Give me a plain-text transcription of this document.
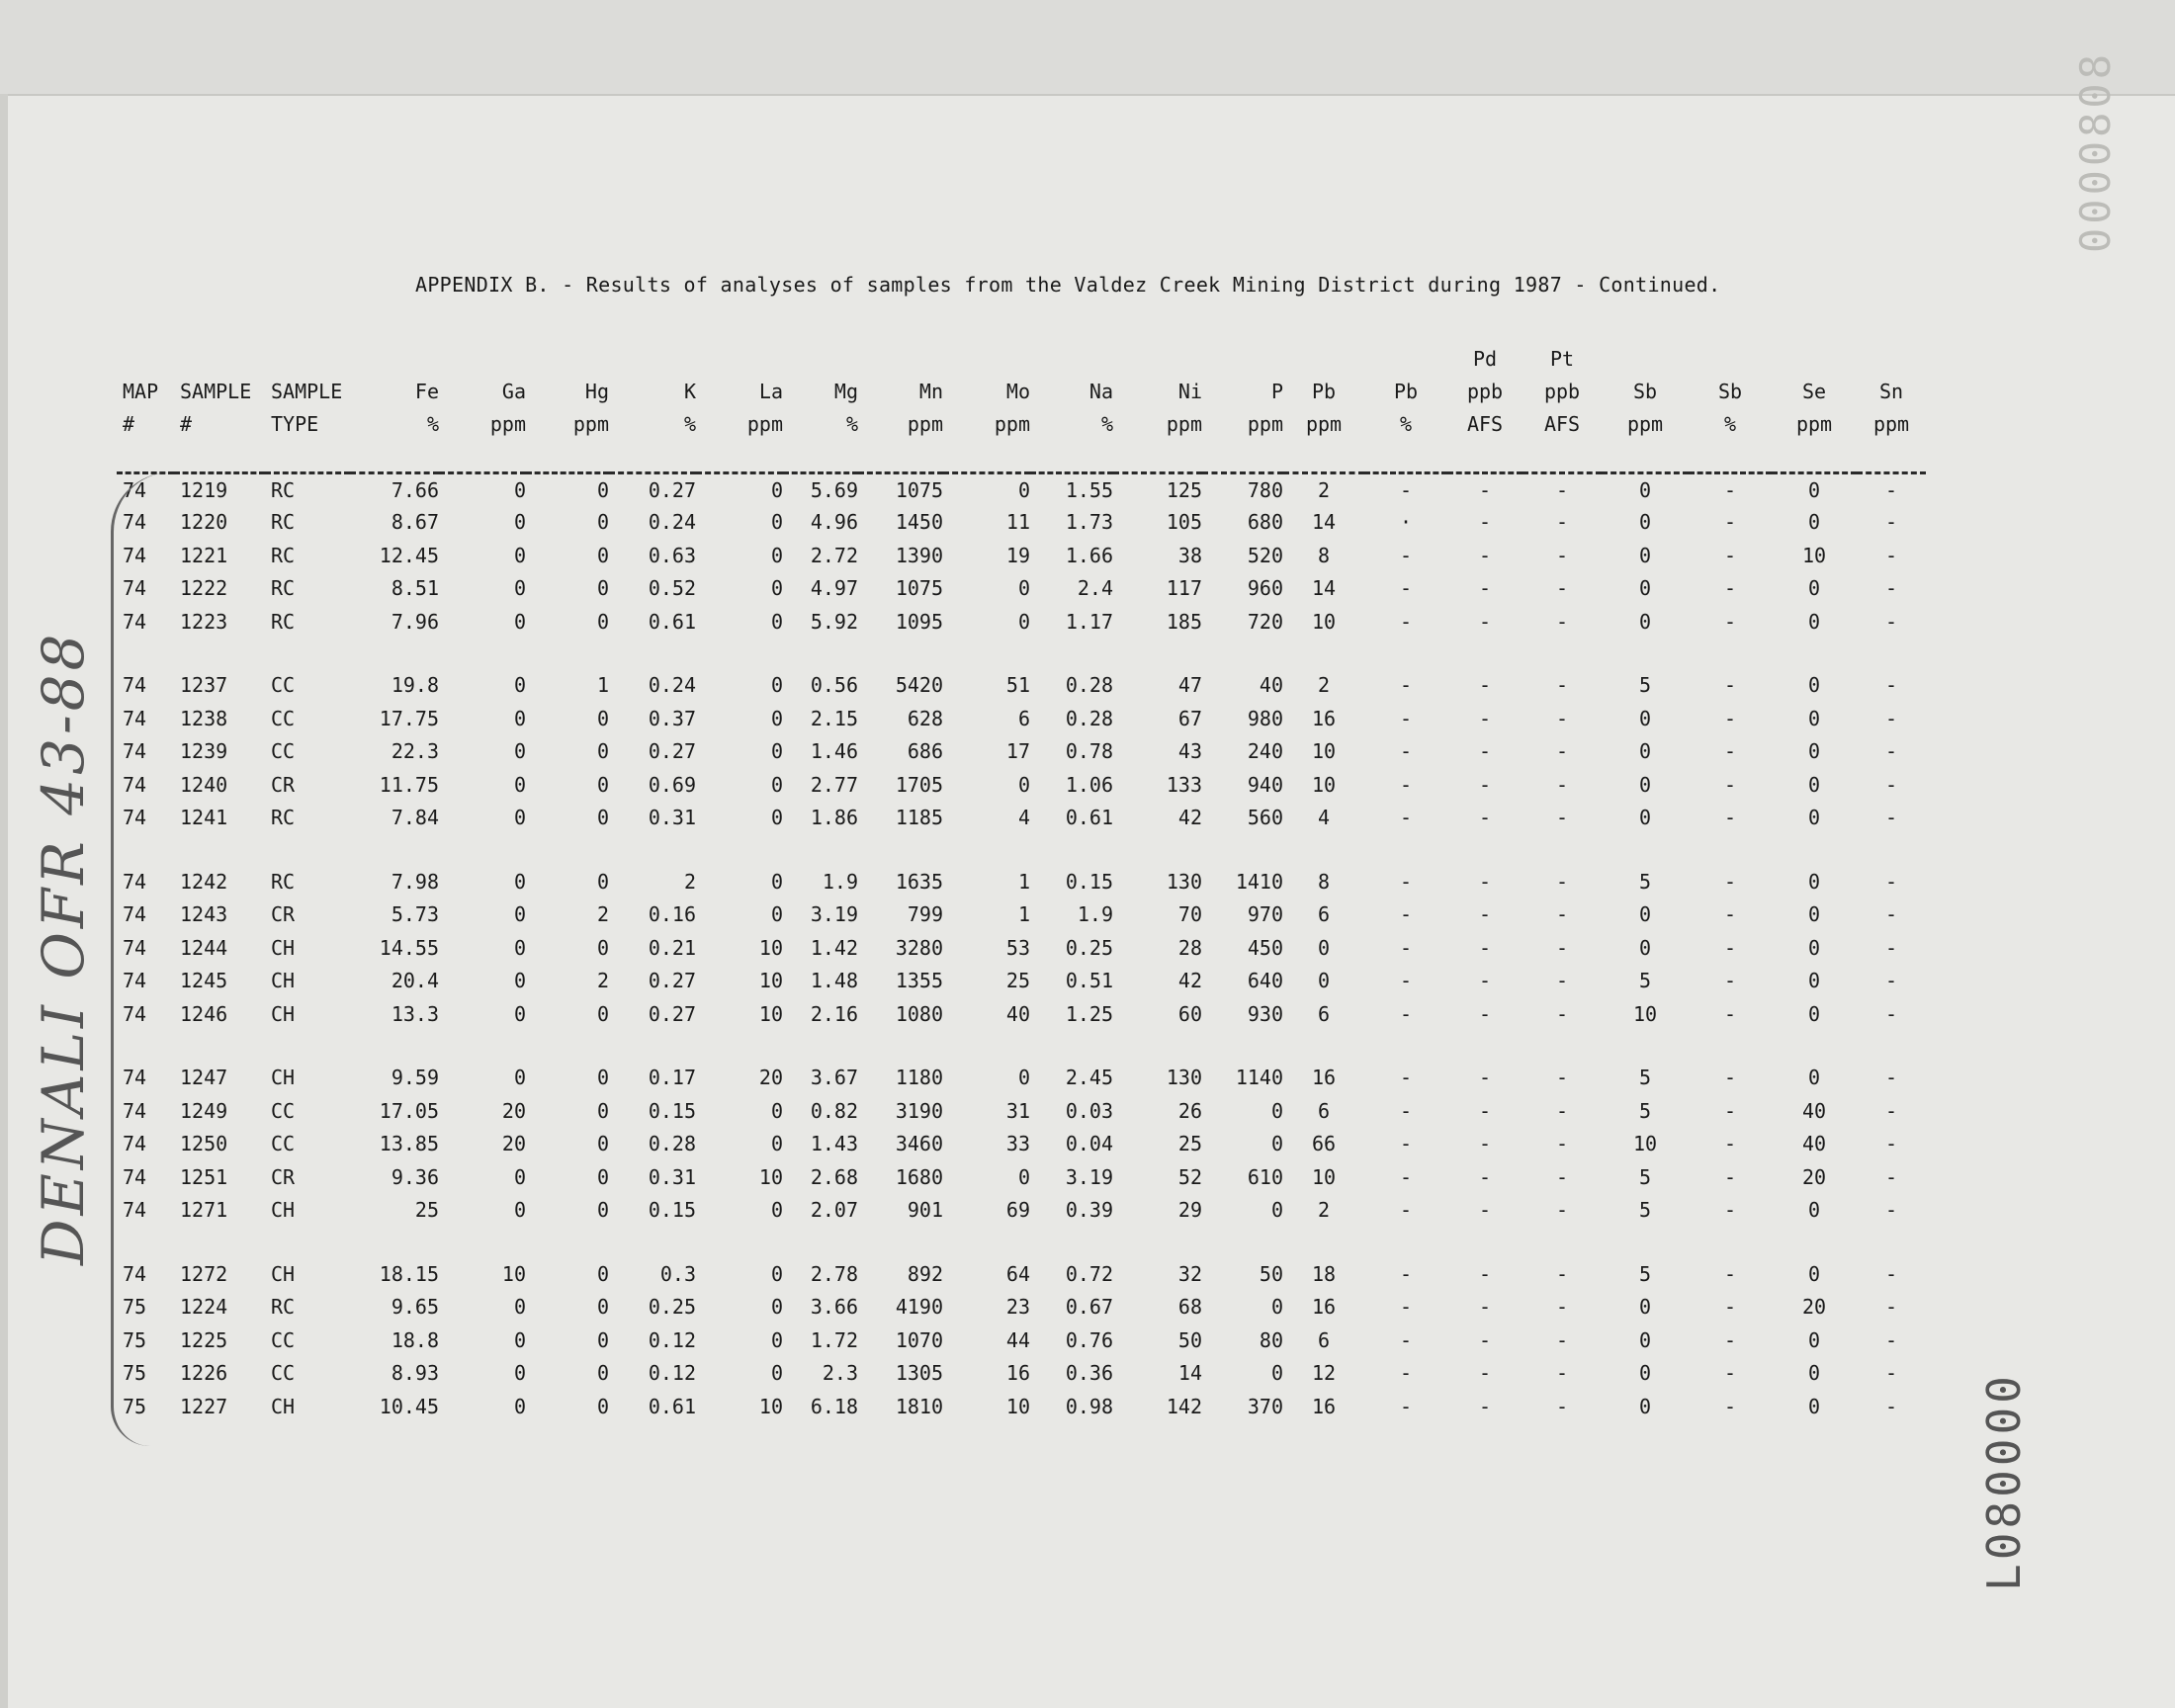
0000808
APPENDIX B. - Results of analyses of samples from the Valdez Creek Mining District during 1987 - Continued.
																Pd	Pt				
MAP	SAMPLE	SAMPLE	Fe	Ga	Hg	K	La	Mg	Mn	Mo	Na	Ni	P	Pb	Pb	ppb	ppb	Sb	Sb	Se	Sn
#	#	TYPE	%	ppm	ppm	%	ppm	%	ppm	ppm	%	ppm	ppm	ppm	%	AFS	AFS	ppm	%	ppm	ppm

74	1219	RC	7.66	0	0	0.27	0	5.69	1075	0	1.55	125	780	2	-	-	-	0	-	0	-
74	1220	RC	8.67	0	0	0.24	0	4.96	1450	11	1.73	105	680	14	·	-	-	0	-	0	-
74	1221	RC	12.45	0	0	0.63	0	2.72	1390	19	1.66	38	520	8	-	-	-	0	-	10	-
74	1222	RC	8.51	0	0	0.52	0	4.97	1075	0	2.4	117	960	14	-	-	-	0	-	0	-
74	1223	RC	7.96	0	0	0.61	0	5.92	1095	0	1.17	185	720	10	-	-	-	0	-	0	-

74	1237	CC	19.8	0	1	0.24	0	0.56	5420	51	0.28	47	40	2	-	-	-	5	-	0	-
74	1238	CC	17.75	0	0	0.37	0	2.15	628	6	0.28	67	980	16	-	-	-	0	-	0	-
74	1239	CC	22.3	0	0	0.27	0	1.46	686	17	0.78	43	240	10	-	-	-	0	-	0	-
74	1240	CR	11.75	0	0	0.69	0	2.77	1705	0	1.06	133	940	10	-	-	-	0	-	0	-
74	1241	RC	7.84	0	0	0.31	0	1.86	1185	4	0.61	42	560	4	-	-	-	0	-	0	-

74	1242	RC	7.98	0	0	2	0	1.9	1635	1	0.15	130	1410	8	-	-	-	5	-	0	-
74	1243	CR	5.73	0	2	0.16	0	3.19	799	1	1.9	70	970	6	-	-	-	0	-	0	-
74	1244	CH	14.55	0	0	0.21	10	1.42	3280	53	0.25	28	450	0	-	-	-	0	-	0	-
74	1245	CH	20.4	0	2	0.27	10	1.48	1355	25	0.51	42	640	0	-	-	-	5	-	0	-
74	1246	CH	13.3	0	0	0.27	10	2.16	1080	40	1.25	60	930	6	-	-	-	10	-	0	-

74	1247	CH	9.59	0	0	0.17	20	3.67	1180	0	2.45	130	1140	16	-	-	-	5	-	0	-
74	1249	CC	17.05	20	0	0.15	0	0.82	3190	31	0.03	26	0	6	-	-	-	5	-	40	-
74	1250	CC	13.85	20	0	0.28	0	1.43	3460	33	0.04	25	0	66	-	-	-	10	-	40	-
74	1251	CR	9.36	0	0	0.31	10	2.68	1680	0	3.19	52	610	10	-	-	-	5	-	20	-
74	1271	CH	25	0	0	0.15	0	2.07	901	69	0.39	29	0	2	-	-	-	5	-	0	-

74	1272	CH	18.15	10	0	0.3	0	2.78	892	64	0.72	32	50	18	-	-	-	5	-	0	-
75	1224	RC	9.65	0	0	0.25	0	3.66	4190	23	0.67	68	0	16	-	-	-	0	-	20	-
75	1225	CC	18.8	0	0	0.12	0	1.72	1070	44	0.76	50	80	6	-	-	-	0	-	0	-
75	1226	CC	8.93	0	0	0.12	0	2.3	1305	16	0.36	14	0	12	-	-	-	0	-	0	-
75	1227	CH	10.45	0	0	0.61	10	6.18	1810	10	0.98	142	370	16	-	-	-	0	-	0	-
DENALI OFR 43-88
L080000
